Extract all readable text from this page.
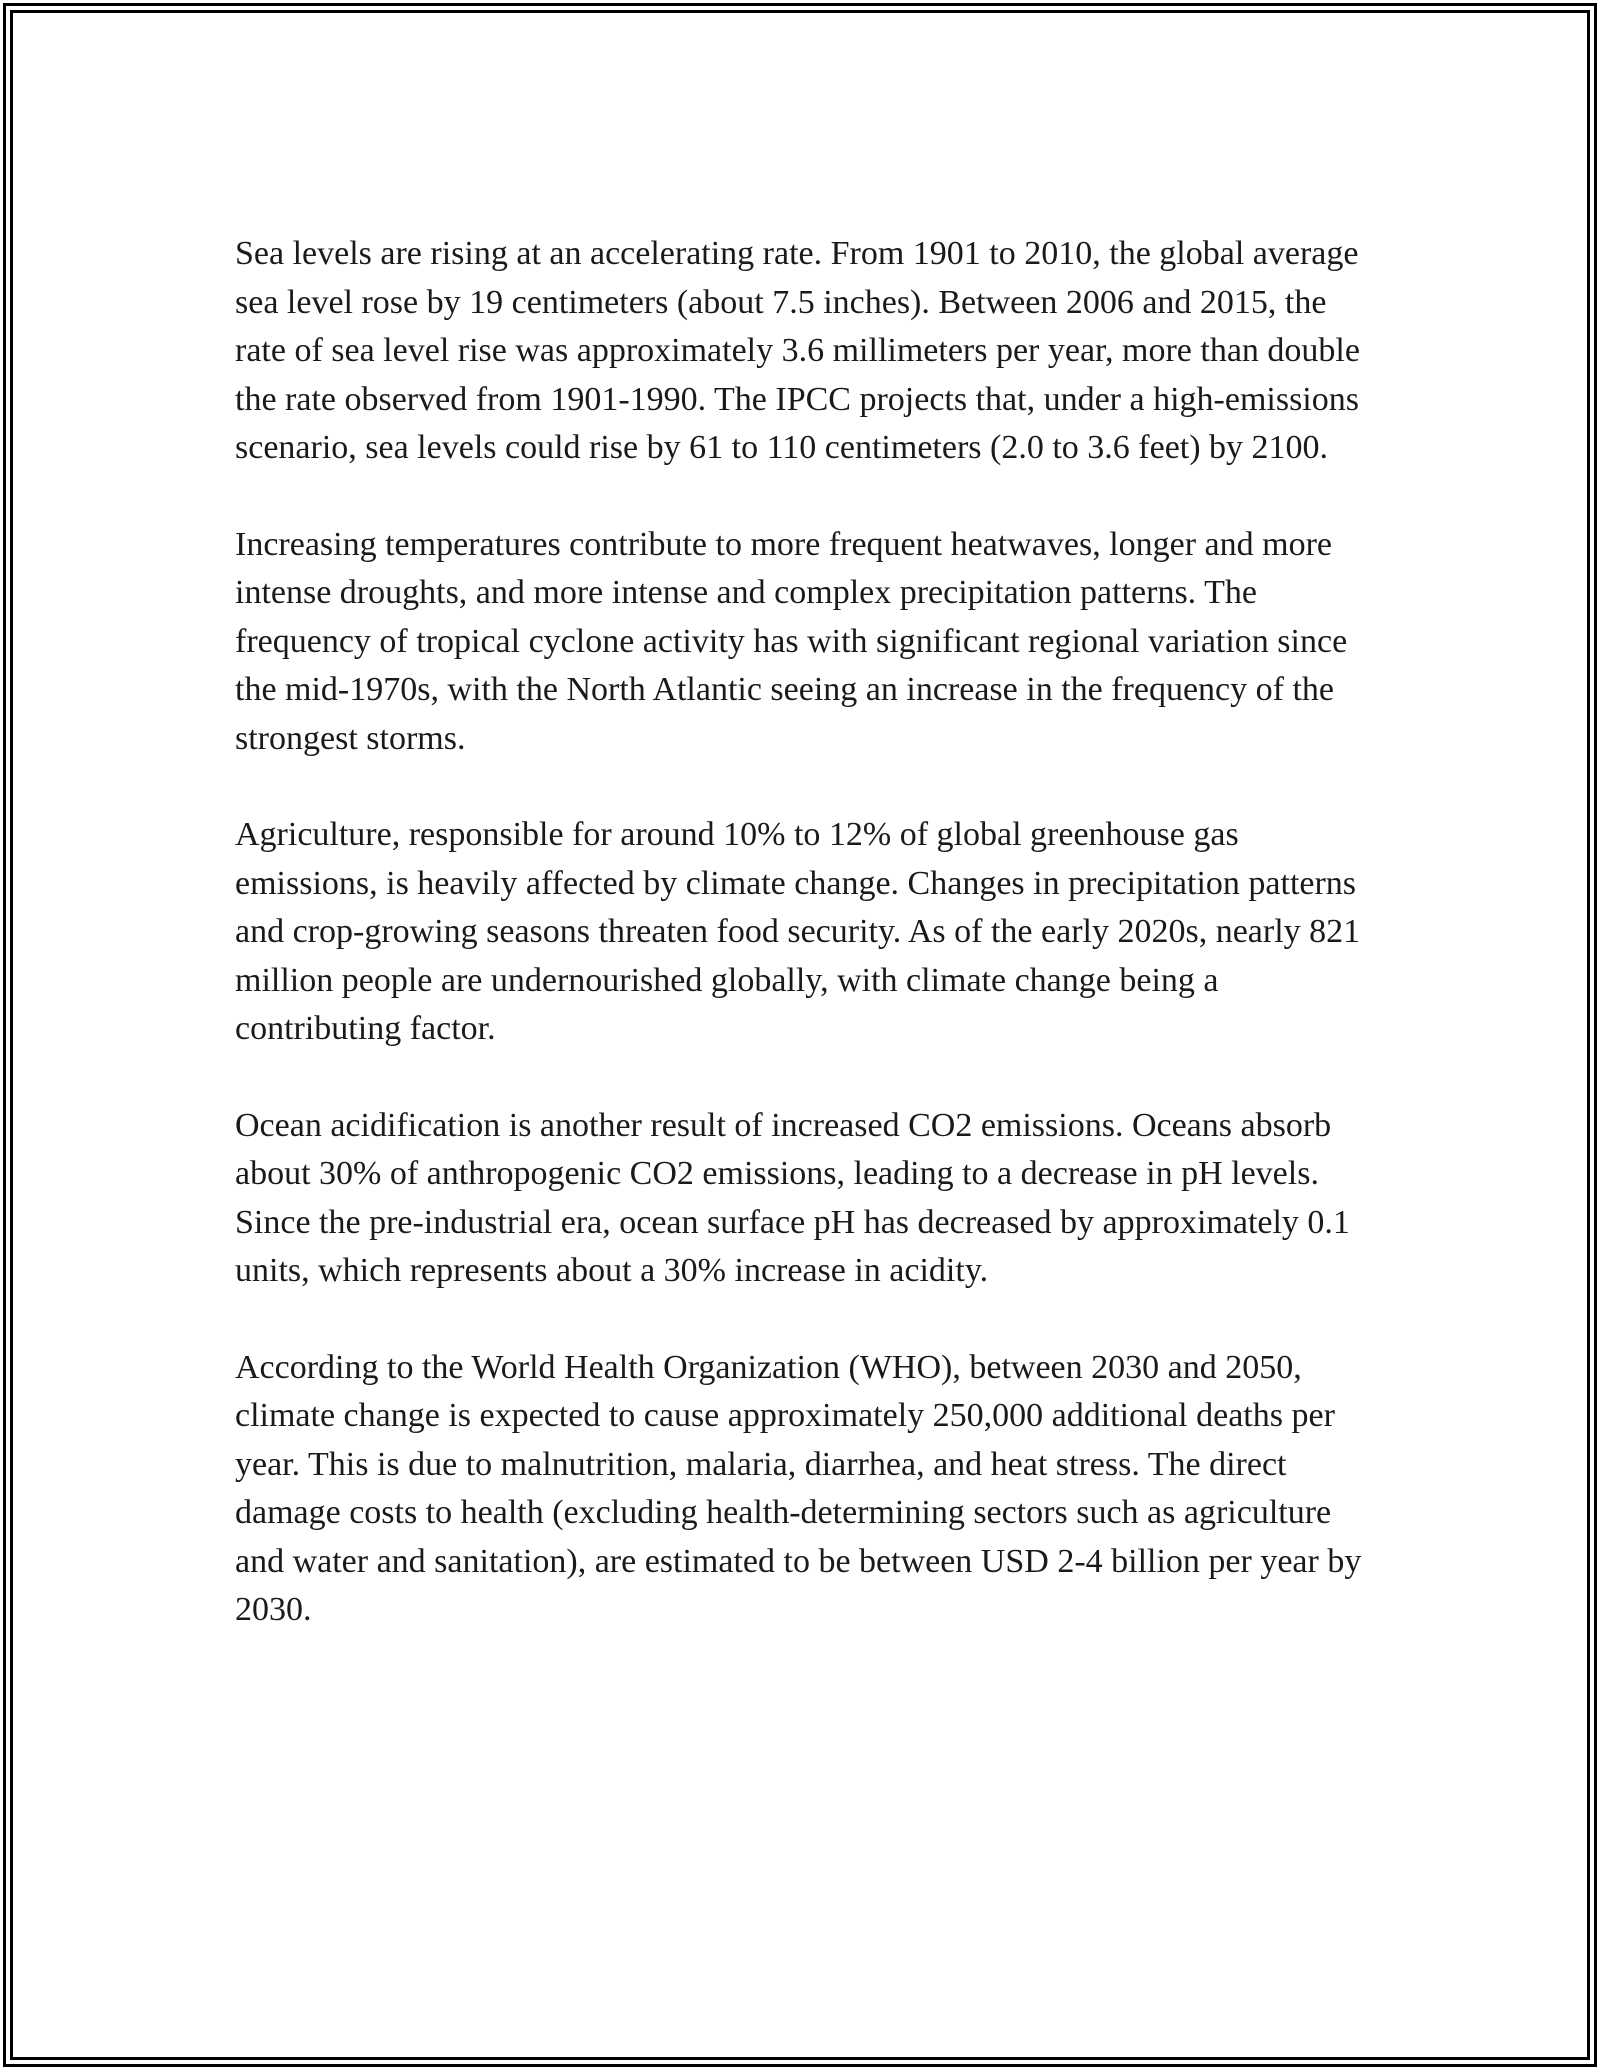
Sea levels are rising at an accelerating rate. From 1901 to 2010, the global average sea level rose by 19 centimeters (about 7.5 inches). Between 2006 and 2015, the rate of sea level rise was approximately 3.6 millimeters per year, more than double the rate observed from 1901-1990. The IPCC projects that, under a high-emissions scenario, sea levels could rise by 61 to 110 centimeters (2.0 to 3.6 feet) by 2100.

Increasing temperatures contribute to more frequent heatwaves, longer and more intense droughts, and more intense and complex precipitation patterns. The frequency of tropical cyclone activity has with significant regional variation since the mid-1970s, with the North Atlantic seeing an increase in the frequency of the strongest storms.

Agriculture, responsible for around 10% to 12% of global greenhouse gas emissions, is heavily affected by climate change. Changes in precipitation patterns and crop-growing seasons threaten food security. As of the early 2020s, nearly 821 million people are undernourished globally, with climate change being a contributing factor.

Ocean acidification is another result of increased CO2 emissions. Oceans absorb about 30% of anthropogenic CO2 emissions, leading to a decrease in pH levels. Since the pre-industrial era, ocean surface pH has decreased by approximately 0.1 units, which represents about a 30% increase in acidity.

According to the World Health Organization (WHO), between 2030 and 2050, climate change is expected to cause approximately 250,000 additional deaths per year. This is due to malnutrition, malaria, diarrhea, and heat stress. The direct damage costs to health (excluding health-determining sectors such as agriculture and water and sanitation), are estimated to be between USD 2-4 billion per year by 2030.
